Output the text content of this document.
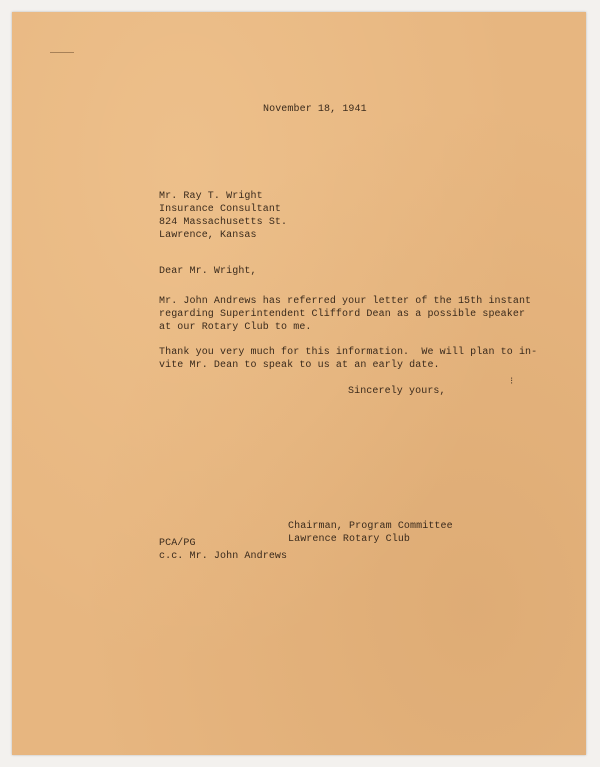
November 18, 1941
Mr. Ray T. Wright
Insurance Consultant
824 Massachusetts St.
Lawrence, Kansas
Dear Mr. Wright,
Mr. John Andrews has referred your letter of the 15th instant
regarding Superintendent Clifford Dean as a possible speaker
at our Rotary Club to me.
Thank you very much for this information.  We will plan to in-
vite Mr. Dean to speak to us at an early date.
⁝
Sincerely yours,
Chairman, Program Committee
Lawrence Rotary Club
PCA/PG
c.c. Mr. John Andrews
